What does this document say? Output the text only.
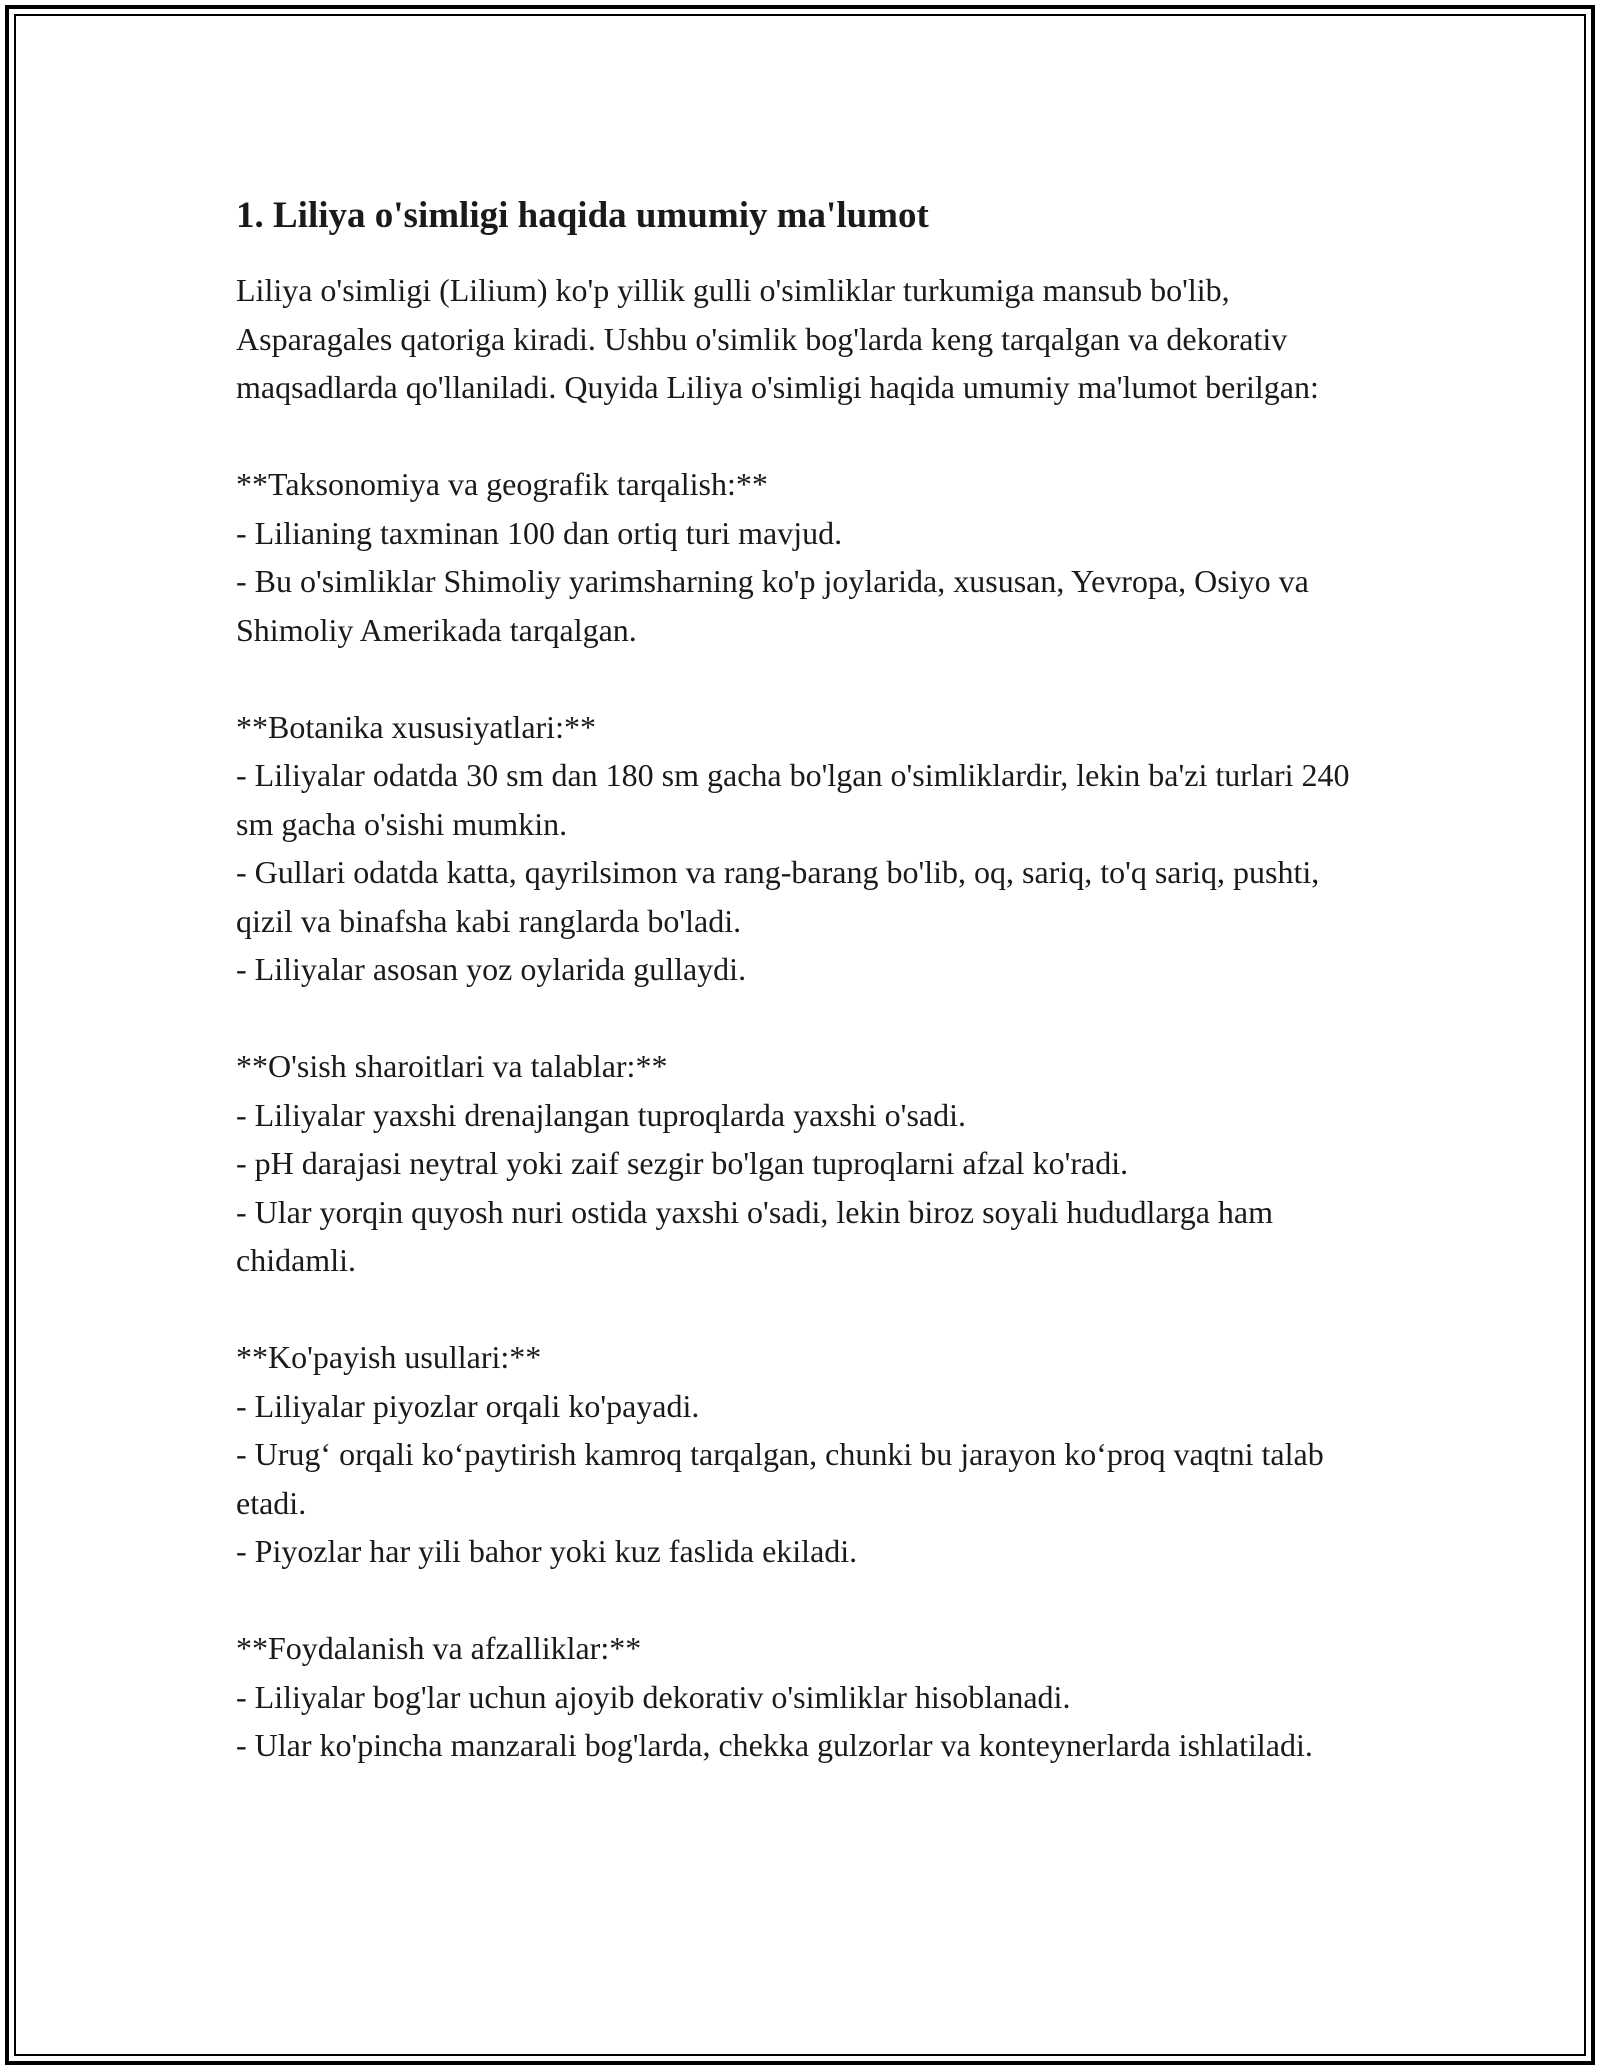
1. Liliya o'simligi haqida umumiy ma'lumot

Liliya o'simligi (Lilium) ko'p yillik gulli o'simliklar turkumiga mansub bo'lib, Asparagales qatoriga kiradi. Ushbu o'simlik bog'larda keng tarqalgan va dekorativ maqsadlarda qo'llaniladi. Quyida Liliya o'simligi haqida umumiy ma'lumot berilgan:

**Taksonomiya va geografik tarqalish:**

- Lilianing taxminan 100 dan ortiq turi mavjud.

- Bu o'simliklar Shimoliy yarimsharning ko'p joylarida, xususan, Yevropa, Osiyo va Shimoliy Amerikada tarqalgan.

**Botanika xususiyatlari:**

- Liliyalar odatda 30 sm dan 180 sm gacha bo'lgan o'simliklardir, lekin ba'zi turlari 240 sm gacha o'sishi mumkin.

- Gullari odatda katta, qayrilsimon va rang-barang bo'lib, oq, sariq, to'q sariq, pushti, qizil va binafsha kabi ranglarda bo'ladi.

- Liliyalar asosan yoz oylarida gullaydi.

**O'sish sharoitlari va talablar:**

- Liliyalar yaxshi drenajlangan tuproqlarda yaxshi o'sadi.

- pH darajasi neytral yoki zaif sezgir bo'lgan tuproqlarni afzal ko'radi.

- Ular yorqin quyosh nuri ostida yaxshi o'sadi, lekin biroz soyali hududlarga ham chidamli.

**Ko'payish usullari:**

- Liliyalar piyozlar orqali ko'payadi.

- Urug‘ orqali ko‘paytirish kamroq tarqalgan, chunki bu jarayon ko‘proq vaqtni talab etadi.

- Piyozlar har yili bahor yoki kuz faslida ekiladi.

**Foydalanish va afzalliklar:**

- Liliyalar bog'lar uchun ajoyib dekorativ o'simliklar hisoblanadi.

- Ular ko'pincha manzarali bog'larda, chekka gulzorlar va konteynerlarda ishlatiladi.
